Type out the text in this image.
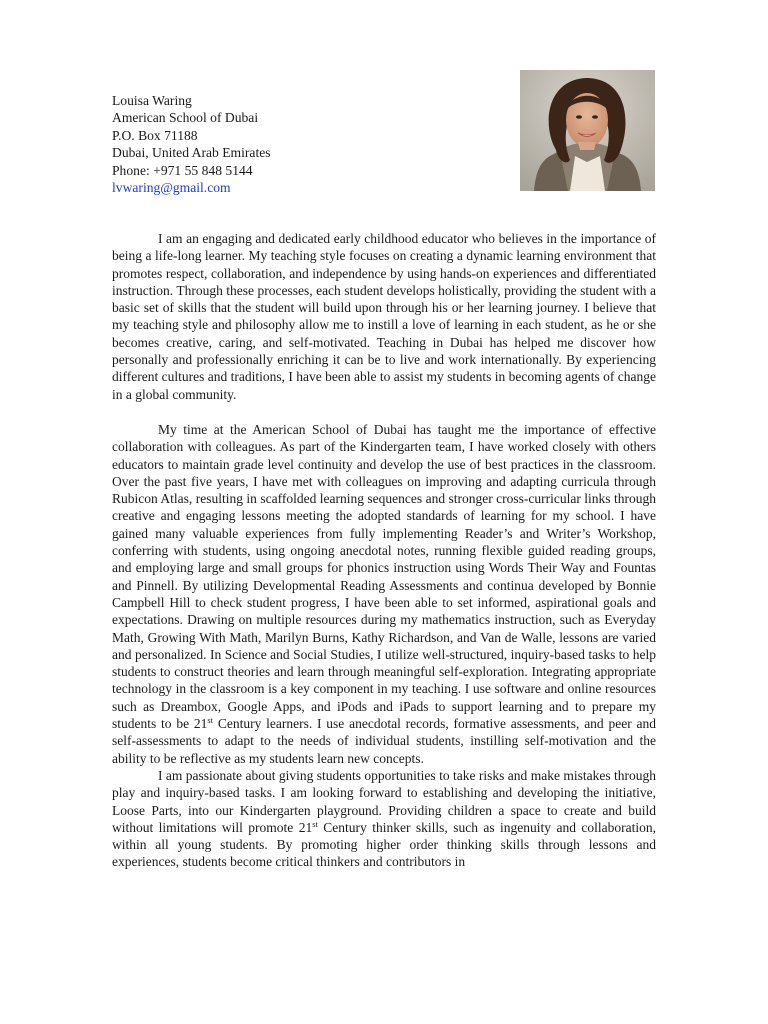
Louisa Waring
American School of Dubai
P.O. Box 71188
Dubai, United Arab Emirates
Phone: +971 55 848 5144
lvwaring@gmail.com

I am an engaging and dedicated early childhood educator who believes in the importance of being a life-long learner. My teaching style focuses on creating a dynamic learning environment that promotes respect, collaboration, and independence by using hands-on experiences and differentiated instruction. Through these processes, each student develops holistically, providing the student with a basic set of skills that the student will build upon through his or her learning journey. I believe that my teaching style and philosophy allow me to instill a love of learning in each student, as he or she becomes creative, caring, and self-motivated. Teaching in Dubai has helped me discover how personally and professionally enriching it can be to live and work internationally. By experiencing different cultures and traditions, I have been able to assist my students in becoming agents of change in a global community.

My time at the American School of Dubai has taught me the importance of effective collaboration with colleagues. As part of the Kindergarten team, I have worked closely with others educators to maintain grade level continuity and develop the use of best practices in the classroom. Over the past five years, I have met with colleagues on improving and adapting curricula through Rubicon Atlas, resulting in scaffolded learning sequences and stronger cross-curricular links through creative and engaging lessons meeting the adopted standards of learning for my school. I have gained many valuable experiences from fully implementing Reader’s and Writer’s Workshop, conferring with students, using ongoing anecdotal notes, running flexible guided reading groups, and employing large and small groups for phonics instruction using Words Their Way and Fountas and Pinnell. By utilizing Developmental Reading Assessments and continua developed by Bonnie Campbell Hill to check student progress, I have been able to set informed, aspirational goals and expectations. Drawing on multiple resources during my mathematics instruction, such as Everyday Math, Growing With Math, Marilyn Burns, Kathy Richardson, and Van de Walle, lessons are varied and personalized. In Science and Social Studies, I utilize well-structured, inquiry-based tasks to help students to construct theories and learn through meaningful self-exploration. Integrating appropriate technology in the classroom is a key component in my teaching. I use software and online resources such as Dreambox, Google Apps, and iPods and iPads to support learning and to prepare my students to be 21st Century learners. I use anecdotal records, formative assessments, and peer and self-assessments to adapt to the needs of individual students, instilling self-motivation and the ability to be reflective as my students learn new concepts.

I am passionate about giving students opportunities to take risks and make mistakes through play and inquiry-based tasks. I am looking forward to establishing and developing the initiative, Loose Parts, into our Kindergarten playground. Providing children a space to create and build without limitations will promote 21st Century thinker skills, such as ingenuity and collaboration, within all young students. By promoting higher order thinking skills through lessons and experiences, students become critical thinkers and contributors in
